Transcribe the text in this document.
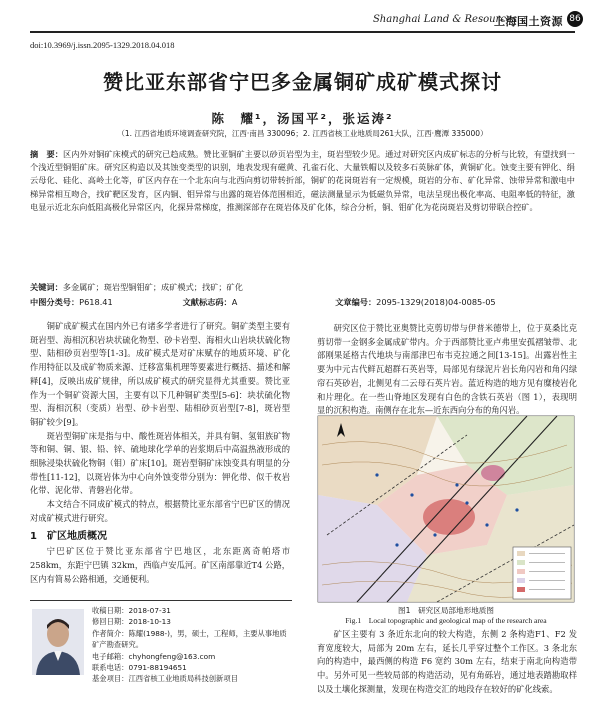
Shanghai Land & Resources
上海国土资源 86
doi:10.3969/j.issn.2095-1329.2018.04.018
赞比亚东部省宁巴多金属铜矿成矿模式探讨
陈　耀¹，汤国平²，张运涛²
（1. 江西省地质环境调查研究院，江西·南昌 330096；2. 江西省核工业地质局261大队，江西·鹰潭 335000）
摘　要：区内外对铜矿床模式的研究已趋成熟。赞比亚铜矿主要以砂页岩型为主，斑岩型较少见。通过对研究区内成矿标志的分析与比较，有望找到一个浅近型铜钼矿床。研究区构造以及其蚀变类型的识别，地表发现有磁黄、孔雀石化、大量铁帽以及较多石英脉矿体，黄铜矿化。蚀变主要有钾化、绢云母化、硅化、高岭土化等，矿区内存在一个北东向与北西向剪切带转折部，铜矿的花岗斑岩有一定规模，斑岩的分布、矿化异常、蚀带异常和激电中梯异常相互吻合，找矿靶区发育，区内铜、钼异常与出露的斑岩体范围相近，磁法测量显示为低磁负异常，电法呈现出极化率高、电阻率低的特征，激电显示近北东向低阻高极化异常区内，化探异常梯度，推测深部存在斑岩体及矿化体，综合分析，铜、钼矿化为花岗斑岩及剪切带联合控矿。
关键词：多金属矿；斑岩型铜钼矿；成矿模式；找矿；矿化
中图分类号：P618.41	文献标志码：A	文章编号：2095-1329(2018)04-0085-05

铜矿成矿模式在国内外已有诸多学者进行了研究。铜矿类型主要有斑岩型、海相沉积岩块状硫化物型、砂卡岩型、海相火山岩块状硫化物型、陆相砂页岩型等[1-3]。成矿模式是对矿床赋存的地质环境、矿化作用特征以及成矿物质来源、迁移富集机理等要素进行概括、描述和解释[4]，反映出成矿规律，所以成矿模式的研究显得尤其重要。赞比亚作为一个铜矿资源大国，主要有以下几种铜矿类型[5-6]：块状硫化物型、海相沉积（变质）岩型、砂卡岩型、陆相砂页岩型[7-8]，斑岩型铜矿较少[9]。

斑岩型铜矿床是指与中、酸性斑岩体相关，并具有铜、氢钼族矿物等和铜、铜、银、铅、锌、硫地球化学单的岩浆期后中高温热液形成的细脉浸染状硫化物铜（钼）矿床[10]。斑岩型铜矿床蚀变具有明显的分带性[11-12]，以斑岩体为中心向外蚀变带分别为：钾化带、似千枚岩化带、泥化带、青磐岩化带。

本文结合不同成矿模式的特点，根据赞比亚东部省宁巴矿区的情况对成矿模式进行研究。

1　矿区地质概况

宁巴矿区位于赞比亚东部省宁巴地区，北东距离奇帕塔市 258km，东距宁巴镇 32km，西临卢安瓜河。矿区南部靠近T4 公路，区内有简易公路相通，交通便利。

收稿日期：2018-07-31
修回日期：2018-10-13
作者简介：陈耀(1988-)，男，硕士，工程师，主要从事地质矿产勘查研究。
电子邮箱：chyhongfeng@163.com
联系电话：0791-88194651
基金项目：江西省核工业地质局科技创新项目

研究区位于赞比亚奥赞比克剪切带与伊普米德带上，位于莫桑比克剪切带一金钢多金属成矿带内。介于西部赞比亚卢弗里安孤褶皱带、北部刚果延格古代地块与南部津巴布韦克拉通之间[13-15]。出露岩性主要为中元古代鲜瓦超群石英岩等，局部见有绿泥片岩长角闪岩和角闪绿帘石英砂岩，北侧见有二云母石英片岩。蓝近构造的地方见有糜棱岩化和片理化。在一些山脊地区发现有白色的含铁石英岩（图 1），表现明显的沉积构造。南侧存在北东—近东西向分布的角闪岩。

图1　研究区局部地形地质图
Fig.1　Local topographic and geological map of the research area

矿区主要有 3 条近东北向的较大构造，东侧 2 条构造F1、F2 发育宽度较大，局部为 20m 左右，延长几乎穿过整个工作区。3 条北东向的构造中，最西侧的构造 F6 宽约 30m 左右，结束于南北向构造带中。另外可见一些较局部的构造活动，见有角砾岩，通过地表踏勘取样以及土壤化探测量，发现在构造交汇的地段存在较好的矿化线索。
